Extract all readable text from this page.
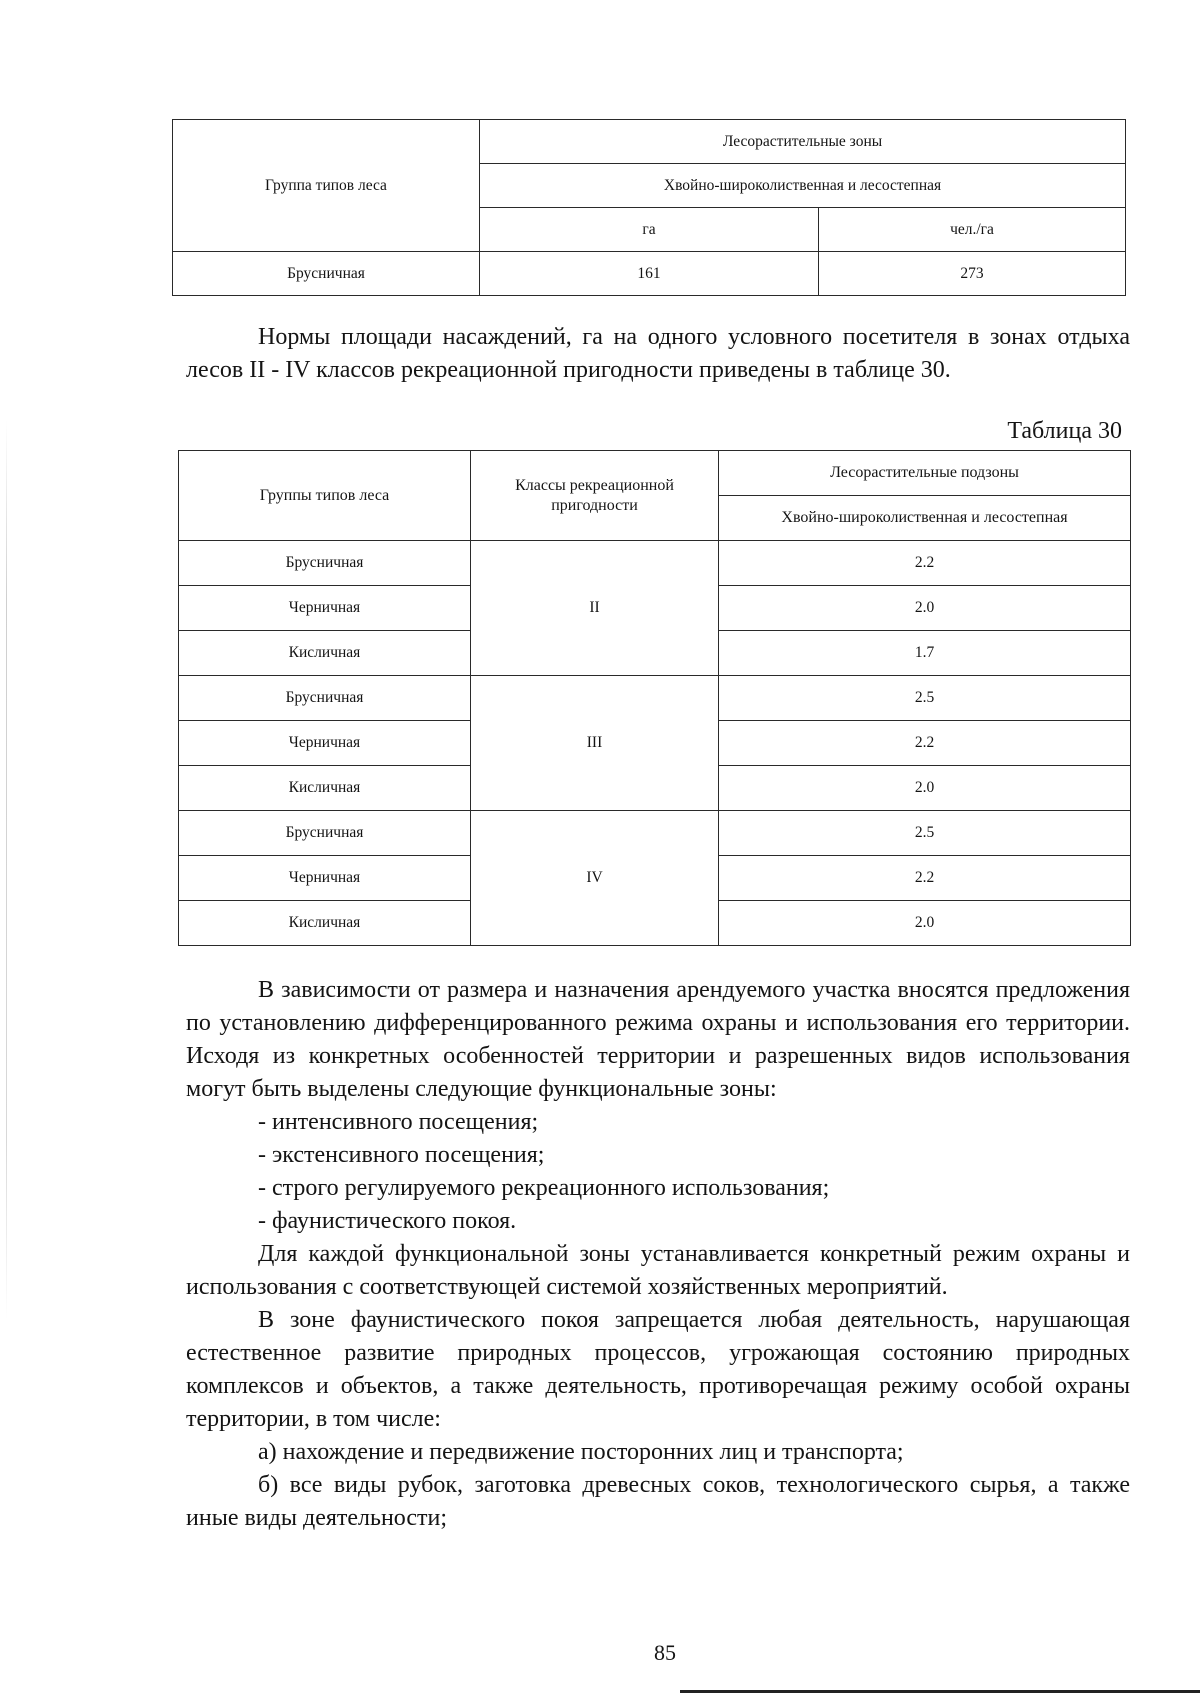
Группа типов леса	Лесорастительные зоны	
	Хвойно-широколиственная и лесостепная	
	га	чел./га
Брусничная	161	273
Нормы площади насаждений, га на одного условного посетителя в зонах отдыха лесов II - IV классов рекреационной пригодности приведены в таблице 30.
Таблица 30
Группы типов леса	Классы рекреационной пригодности	Лесорастительные подзоны
		Хвойно-широколиственная и лесостепная
Брусничная	II	2.2
Черничная		2.0
Кисличная		1.7
Брусничная	III	2.5
Черничная		2.2
Кисличная		2.0
Брусничная	IV	2.5
Черничная		2.2
Кисличная		2.0
В зависимости от размера и назначения арендуемого участка вносятся предложения по установлению дифференцированного режима охраны и использования его территории. Исходя из конкретных особенностей территории и разрешенных видов использования могут быть выделены следующие функциональные зоны:
- интенсивного посещения;
- экстенсивного посещения;
- строго регулируемого рекреационного использования;
- фаунистического покоя.
Для каждой функциональной зоны устанавливается конкретный режим охраны и использования с соответствующей системой хозяйственных мероприятий.
В зоне фаунистического покоя запрещается любая деятельность, нарушающая естественное развитие природных процессов, угрожающая состоянию природных комплексов и объектов, а также деятельность, противоречащая режиму особой охраны территории, в том числе:
а) нахождение и передвижение посторонних лиц и транспорта;
б) все виды рубок, заготовка древесных соков, технологического сырья, а также иные виды деятельности;
85
